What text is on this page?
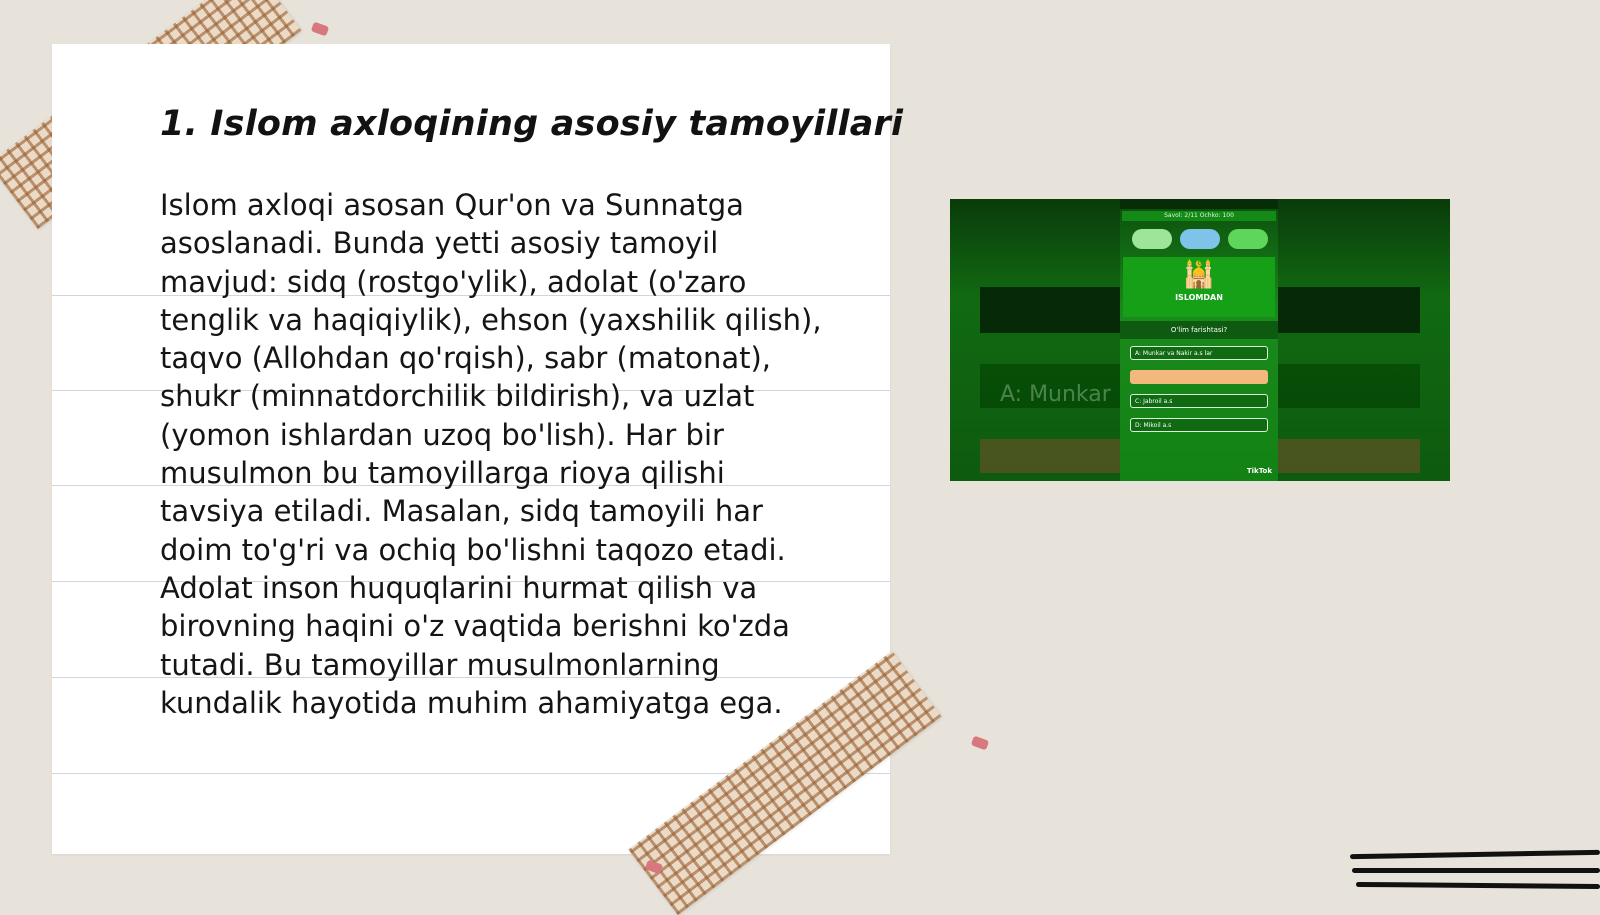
1. Islom axloqining asosiy tamoyillari
Islom axloqi asosan Qur'on va Sunnatga
asoslanadi. Bunda yetti asosiy tamoyil
mavjud: sidq (rostgo'ylik), adolat (o'zaro
tenglik va haqiqiylik), ehson (yaxshilik qilish),
taqvo (Allohdan qo'rqish), sabr (matonat),
shukr (minnatdorchilik bildirish), va uzlat
(yomon ishlardan uzoq bo'lish). Har bir
musulmon bu tamoyillarga rioya qilishi
tavsiya etiladi. Masalan, sidq tamoyili har
doim to'g'ri va ochiq bo'lishni taqozo etadi.
Adolat inson huquqlarini hurmat qilish va
birovning haqini o'z vaqtida berishni ko'zda
tutadi. Bu tamoyillar musulmonlarning
kundalik hayotida muhim ahamiyatga ega.
A: Munkar
Savol: 2/11 Ochko: 100
🕌
ISLOMDAN
O'lim farishtasi?
A: Munkar va Nakir a.s lar
C: Jabroil a.s
D: Mikoil a.s
TikTok
